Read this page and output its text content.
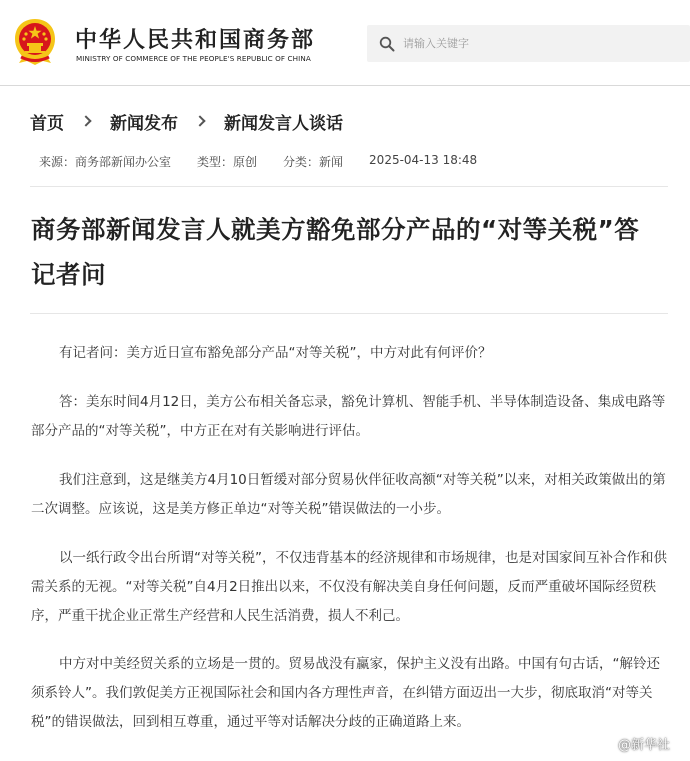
中华人民共和国商务部
MINISTRY OF COMMERCE OF THE PEOPLE'S REPUBLIC OF CHINA
请输入关键字
首页	新闻发布	新闻发言人谈话
来源：商务部新闻办公室 类型：原创 分类：新闻 2025-04-13 18:48
商务部新闻发言人就美方豁免部分产品的“对等关税”答记者问

有记者问：美方近日宣布豁免部分产品“对等关税”，中方对此有何评价？

答：美东时间4月12日，美方公布相关备忘录，豁免计算机、智能手机、半导体制造设备、集成电路等部分产品的“对等关税”，中方正在对有关影响进行评估。

我们注意到，这是继美方4月10日暂缓对部分贸易伙伴征收高额“对等关税”以来，对相关政策做出的第二次调整。应该说，这是美方修正单边“对等关税”错误做法的一小步。

以一纸行政令出台所谓“对等关税”，不仅违背基本的经济规律和市场规律，也是对国家间互补合作和供需关系的无视。“对等关税”自4月2日推出以来，不仅没有解决美自身任何问题，反而严重破坏国际经贸秩序，严重干扰企业正常生产经营和人民生活消费，损人不利己。

中方对中美经贸关系的立场是一贯的。贸易战没有赢家，保护主义没有出路。中国有句古话，“解铃还须系铃人”。我们敦促美方正视国际社会和国内各方理性声音，在纠错方面迈出一大步，彻底取消“对等关税”的错误做法，回到相互尊重，通过平等对话解决分歧的正确道路上来。

@新华社
